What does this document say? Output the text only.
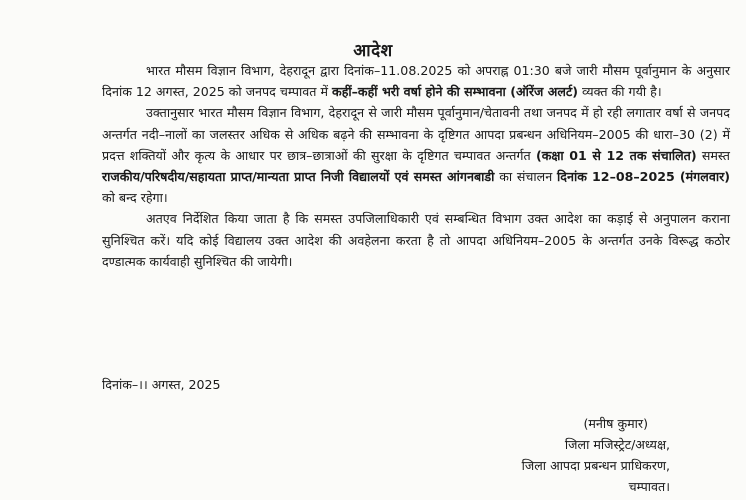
आदेश

भारत मौसम विज्ञान विभाग, देहरादून द्वारा दिनांक–11.08.2025 को अपराह्न 01:30 बजे जारी मौसम पूर्वानुमान के अनुसार दिनांक 12 अगस्त, 2025 को जनपद चम्पावत में कहीं–कहीं भरी वर्षा होने की सम्भावना (ऑरेंज अलर्ट) व्यक्त की गयी है।

उक्तानुसार भारत मौसम विज्ञान विभाग, देहरादून से जारी मौसम पूर्वानुमान/चेतावनी तथा जनपद में हो रही लगातार वर्षा से जनपद अन्तर्गत नदी–नालों का जलस्तर अधिक से अधिक बढ़ने की सम्भावना के दृष्टिगत आपदा प्रबन्धन अधिनियम–2005 की धारा–30 (2) में प्रदत्त शक्तियों और कृत्य के आधार पर छात्र–छात्राओं की सुरक्षा के दृष्टिगत चम्पावत अन्तर्गत (कक्षा 01 से 12 तक संचालित) समस्त राजकीय/परिषदीय/सहायता प्राप्त/मान्यता प्राप्त निजी विद्यालयों एवं समस्त आंगनबाडी का संचालन दिनांक 12–08–2025 (मंगलवार) को बन्द रहेगा।

अतएव निर्देशित किया जाता है कि समस्त उपजिलाधिकारी एवं सम्बन्धित विभाग उक्त आदेश का कड़ाई से अनुपालन कराना सुनिश्चित करें। यदि कोई विद्यालय उक्त आदेश की अवहेलना करता है तो आपदा अधिनियम–2005 के अन्तर्गत उनके विरूद्ध कठोर दण्डात्मक कार्यवाही सुनिश्चित की जायेगी।

दिनांक–।। अगस्त, 2025
(मनीष कुमार)
जिला मजिस्ट्रेट/अध्यक्ष,
जिला आपदा प्रबन्धन प्राधिकरण,
चम्पावत।
